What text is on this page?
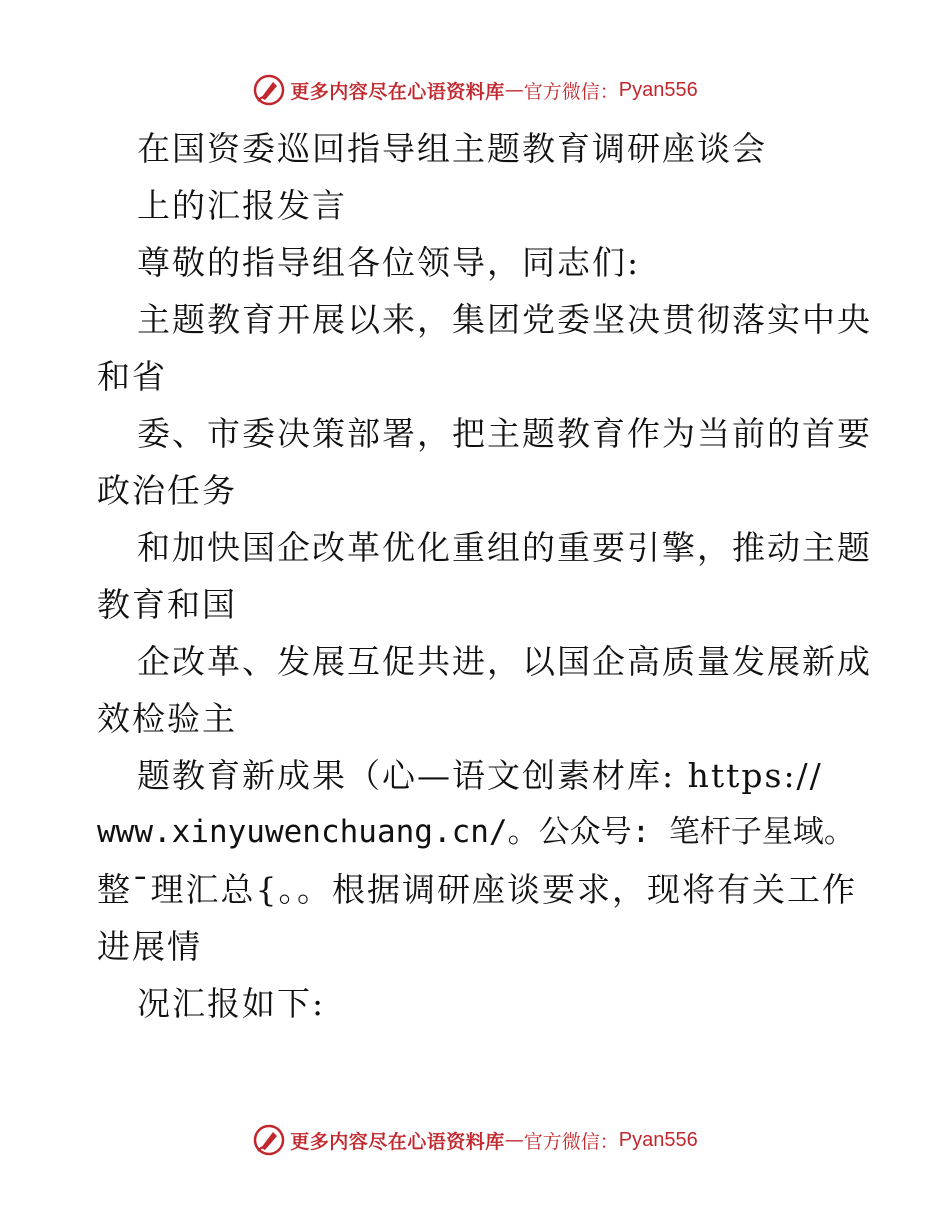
更多内容尽在心语资料库 — 官方微信： Pyan556
在国资委巡回指导组主题教育调研座谈会
上的汇报发言
尊敬的指导组各位领导，同志们:
主题教育开展以来，集团党委坚决贯彻落实中央
和省
委、市委决策部署，把主题教育作为当前的首要
政治任务
和加快国企改革优化重组的重要引擎，推动主题
教育和国
企改革、发展互促共进，以国企高质量发展新成
效检验主
题教育新成果（心—语文创素材库: https://
www.xinyuwenchuang.cn/。公众号: 笔杆子星域。
整¯理汇总{。。根据调研座谈要求，现将有关工作
进展情
况汇报如下:
更多内容尽在心语资料库 — 官方微信： Pyan556
